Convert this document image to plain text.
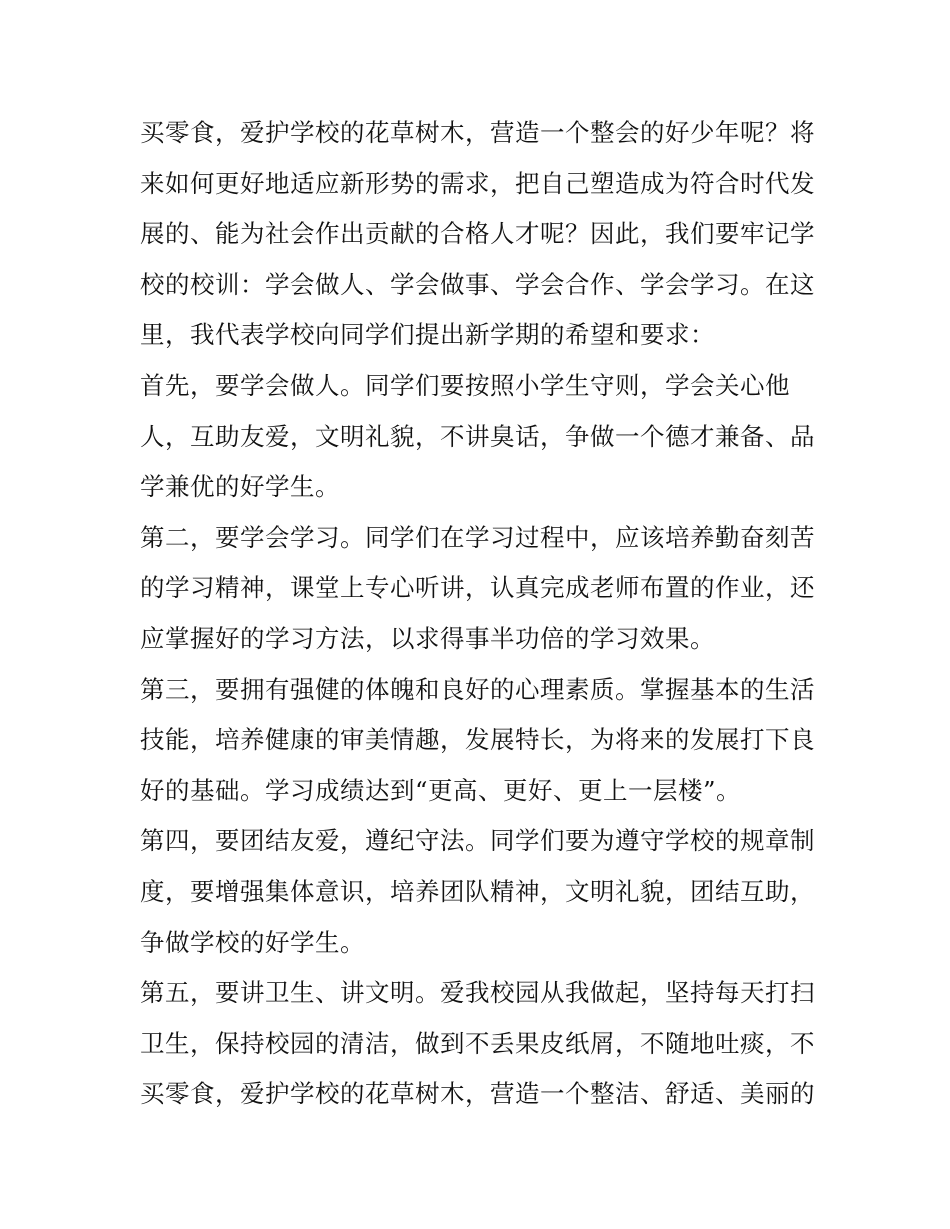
买零食，爱护学校的花草树木，营造一个整会的好少年呢？将
来如何更好地适应新形势的需求，把自己塑造成为符合时代发
展的、能为社会作出贡献的合格人才呢？因此，我们要牢记学
校的校训：学会做人、学会做事、学会合作、学会学习。在这
里，我代表学校向同学们提出新学期的希望和要求：
首先，要学会做人。同学们要按照小学生守则，学会关心他
人，互助友爱，文明礼貌，不讲臭话，争做一个德才兼备、品
学兼优的好学生。
第二，要学会学习。同学们在学习过程中，应该培养勤奋刻苦
的学习精神，课堂上专心听讲，认真完成老师布置的作业，还
应掌握好的学习方法，以求得事半功倍的学习效果。
第三，要拥有强健的体魄和良好的心理素质。掌握基本的生活
技能，培养健康的审美情趣，发展特长，为将来的发展打下良
好的基础。学习成绩达到“更高、更好、更上一层楼”。
第四，要团结友爱，遵纪守法。同学们要为遵守学校的规章制
度，要增强集体意识，培养团队精神，文明礼貌，团结互助，
争做学校的好学生。
第五，要讲卫生、讲文明。爱我校园从我做起，坚持每天打扫
卫生，保持校园的清洁，做到不丢果皮纸屑，不随地吐痰，不
买零食，爱护学校的花草树木，营造一个整洁、舒适、美丽的
